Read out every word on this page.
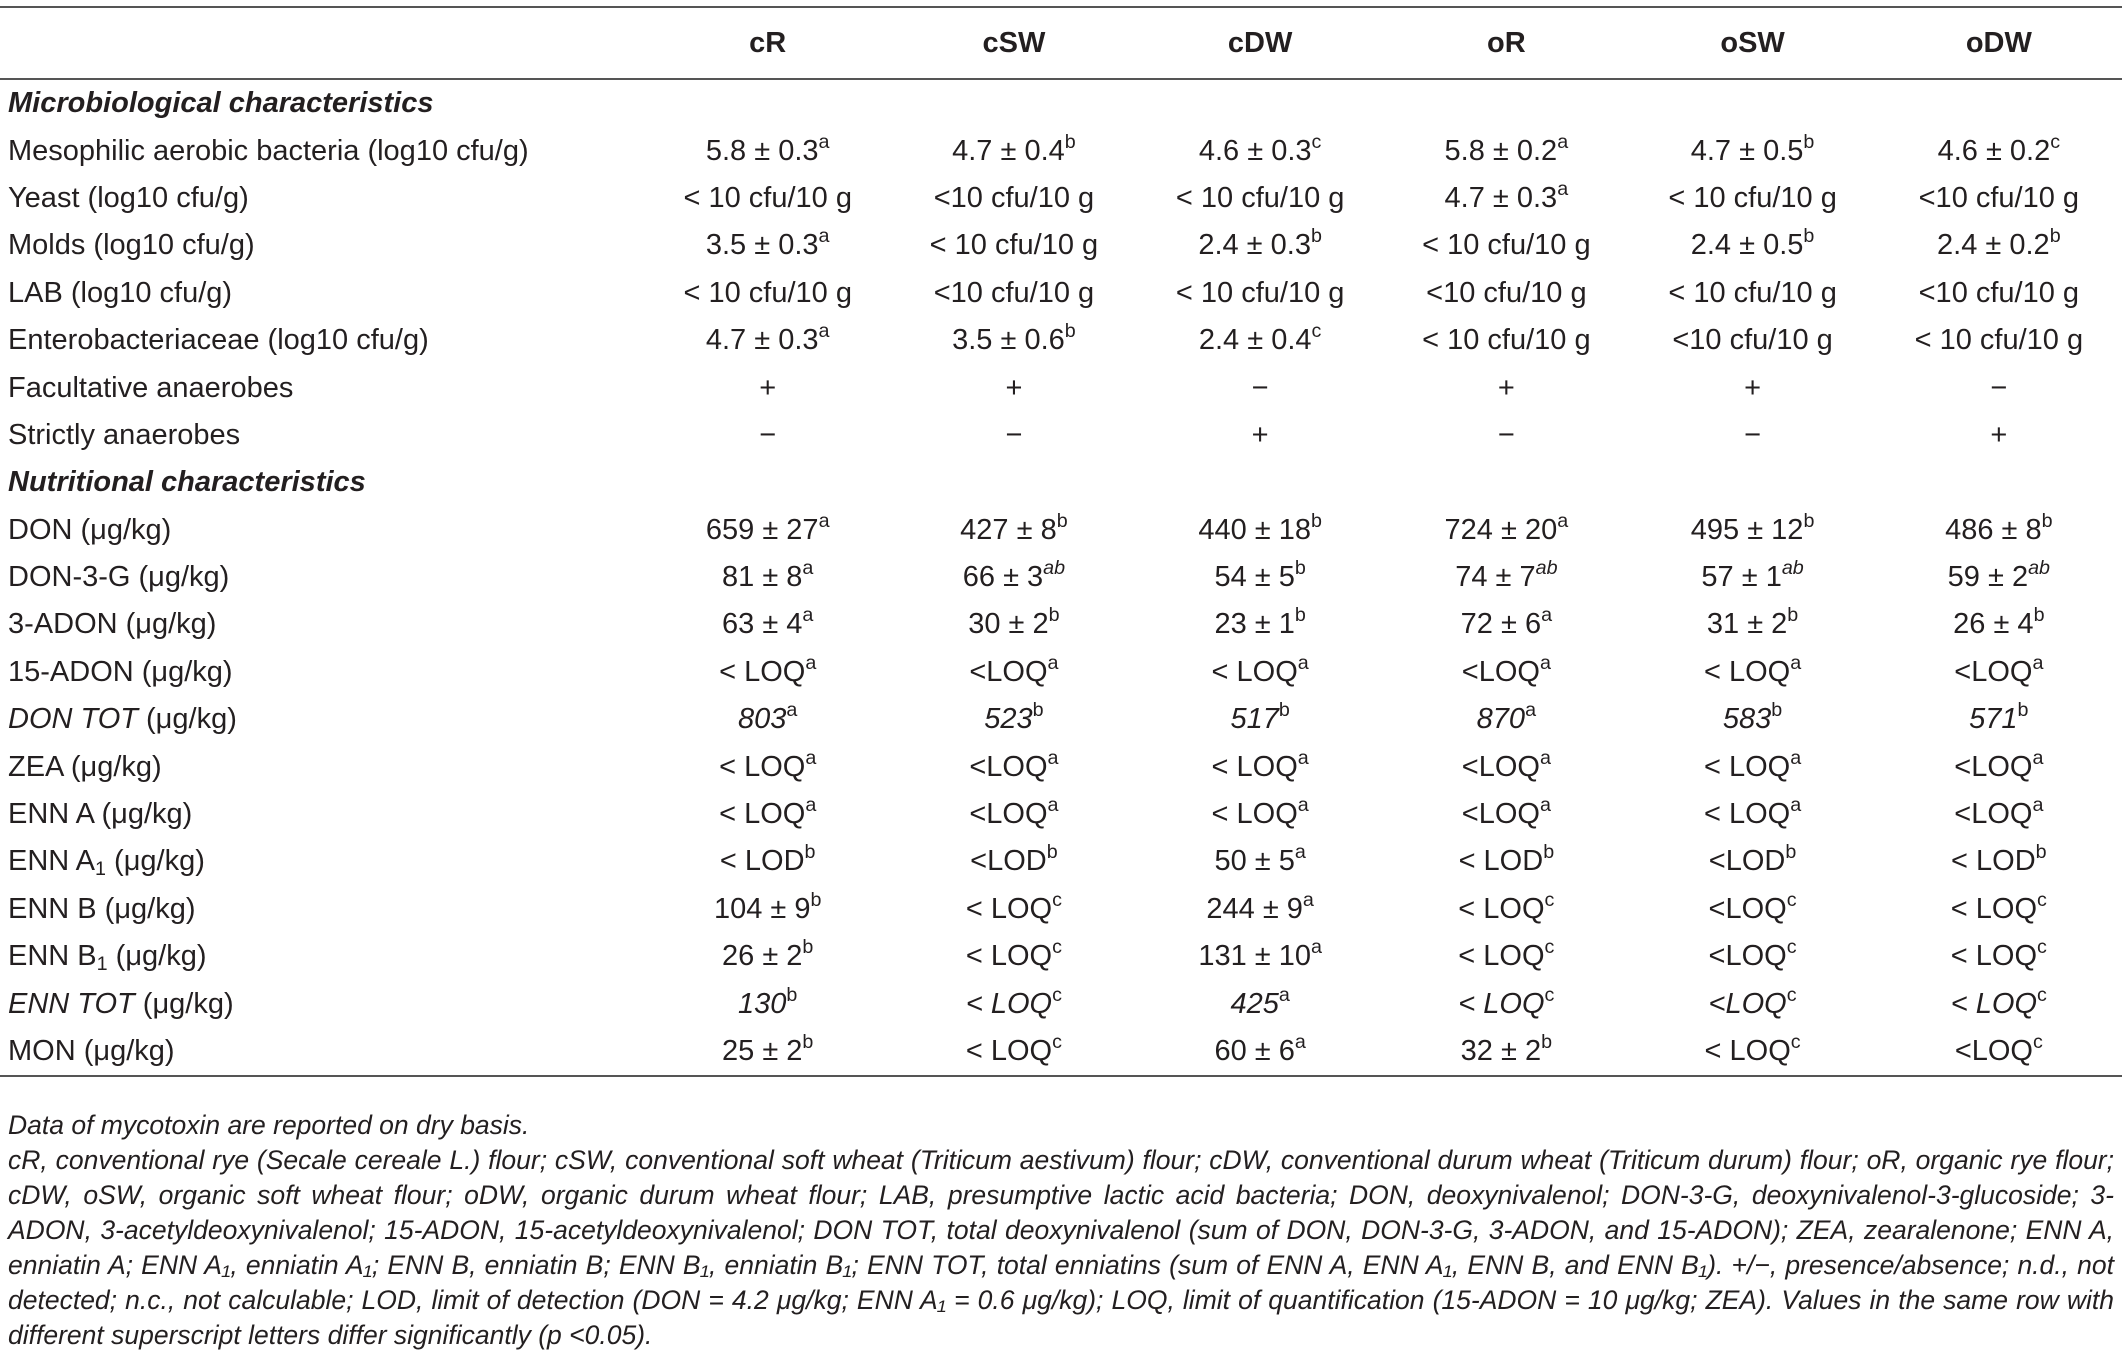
	cR	cSW	cDW	oR	oSW	oDW
Microbiological characteristics						
Mesophilic aerobic bacteria (log10 cfu/g)	5.8 ± 0.3$^a$	4.7 ± 0.4$^b$	4.6 ± 0.3$^c$	5.8 ± 0.2$^a$	4.7 ± 0.5$^b$	4.6 ± 0.2$^c$
Yeast (log10 cfu/g)	< 10 cfu/10 g	<10 cfu/10 g	< 10 cfu/10 g	4.7 ± 0.3$^a$	< 10 cfu/10 g	<10 cfu/10 g
Molds (log10 cfu/g)	3.5 ± 0.3$^a$	< 10 cfu/10 g	2.4 ± 0.3$^b$	< 10 cfu/10 g	2.4 ± 0.5$^b$	2.4 ± 0.2$^b$
LAB (log10 cfu/g)	< 10 cfu/10 g	<10 cfu/10 g	< 10 cfu/10 g	<10 cfu/10 g	< 10 cfu/10 g	<10 cfu/10 g
Enterobacteriaceae (log10 cfu/g)	4.7 ± 0.3$^a$	3.5 ± 0.6$^b$	2.4 ± 0.4$^c$	< 10 cfu/10 g	<10 cfu/10 g	< 10 cfu/10 g
Facultative anaerobes	+	+	−	+	+	−
Strictly anaerobes	−	−	+	−	−	+
Nutritional characteristics						
DON (μg/kg)	$659 \pm 27^a$	$427 \pm 8^b$	$440 \pm 18^b$	$724 \pm 20^a$	$495 \pm 12^b$	$486 \pm 8^b$
DON-3-G (μg/kg)	$81 \pm 8^a$	$66 \pm 3^{ab}$	$54 \pm 5^b$	$74 \pm 7^{ab}$	$57 \pm 1^{ab}$	$59 \pm 2^{ab}$
3-ADON (μg/kg)	$63 \pm 4^a$	$30 \pm 2^b$	$23 \pm 1^b$	$72 \pm 6^a$	$31 \pm 2^b$	$26 \pm 4^b$
15-ADON (μg/kg)	< $LOQ^a$	$<LOQ^a$	< $LOQ^a$	$<LOQ^a$	< $LOQ^a$	$<LOQ^a$
DON TOT (μg/kg)	803$^a$	523$^b$	517$^b$	870$^a$	583$^b$	571$^b$
ZEA (μg/kg)	< $LOQ^a$	$<LOQ^a$	< $LOQ^a$	$<LOQ^a$	< $LOQ^a$	$<LOQ^a$
ENN A (μg/kg)	< $LOQ^a$	$<LOQ^a$	< $LOQ^a$	$<LOQ^a$	< $LOQ^a$	$<LOQ^a$
ENN $A_1$ (μg/kg)	< $LOD^b$	$<LOD^b$	$50 \pm 5^a$	< $LOD^b$	$<LOD^b$	< $LOD^b$
ENN B (μg/kg)	$104 \pm 9^b$	< $LOQ^c$	$244 \pm 9^a$	< $LOQ^c$	$<LOQ^c$	< $LOQ^c$
ENN $B_1$ (μg/kg)	$26 \pm 2^b$	< $LOQ^c$	$131 \pm 10^a$	< $LOQ^c$	$<LOQ^c$	< $LOQ^c$
ENN TOT (μg/kg)	$130^b$	< $LOQ^c$	$425^a$	< $LOQ^c$	$<LOQ^c$	< $LOQ^c$
MON (μg/kg)	$25 \pm 2^b$	< $LOQ^c$	$60 \pm 6^a$	$32 \pm 2^b$	< $LOQ^c$	$<LOQ^c$

Data of mycotoxin are reported on dry basis.

cR, conventional rye (Secale cereale L.) flour; cSW, conventional soft wheat (Triticum aestivum) flour; cDW, conventional durum wheat (Triticum durum) flour; oR, organic rye flour; cDW, oSW, organic soft wheat flour; oDW, organic durum wheat flour; LAB, presumptive lactic acid bacteria; DON, deoxynivalenol; DON-3-G, deoxynivalenol-3-glucoside; 3-ADON, 3-acetyldeoxynivalenol; 15-ADON, 15-acetyldeoxynivalenol; DON TOT, total deoxynivalenol (sum of DON, DON-3-G, 3-ADON, and 15-ADON); ZEA, zearalenone; ENN A, enniatin A; ENN A₁, enniatin A₁; ENN B, enniatin B; ENN B₁, enniatin B₁; ENN TOT, total enniatins (sum of ENN A, ENN A₁, ENN B, and ENN B₁). +/−, presence/absence; n.d., not detected; n.c., not calculable; LOD, limit of detection (DON = 4.2 μg/kg; ENN A₁ = 0.6 μg/kg); LOQ, limit of quantification (15-ADON = 10 μg/kg; ZEA). Values in the same row with different superscript letters differ significantly (p <0.05).
